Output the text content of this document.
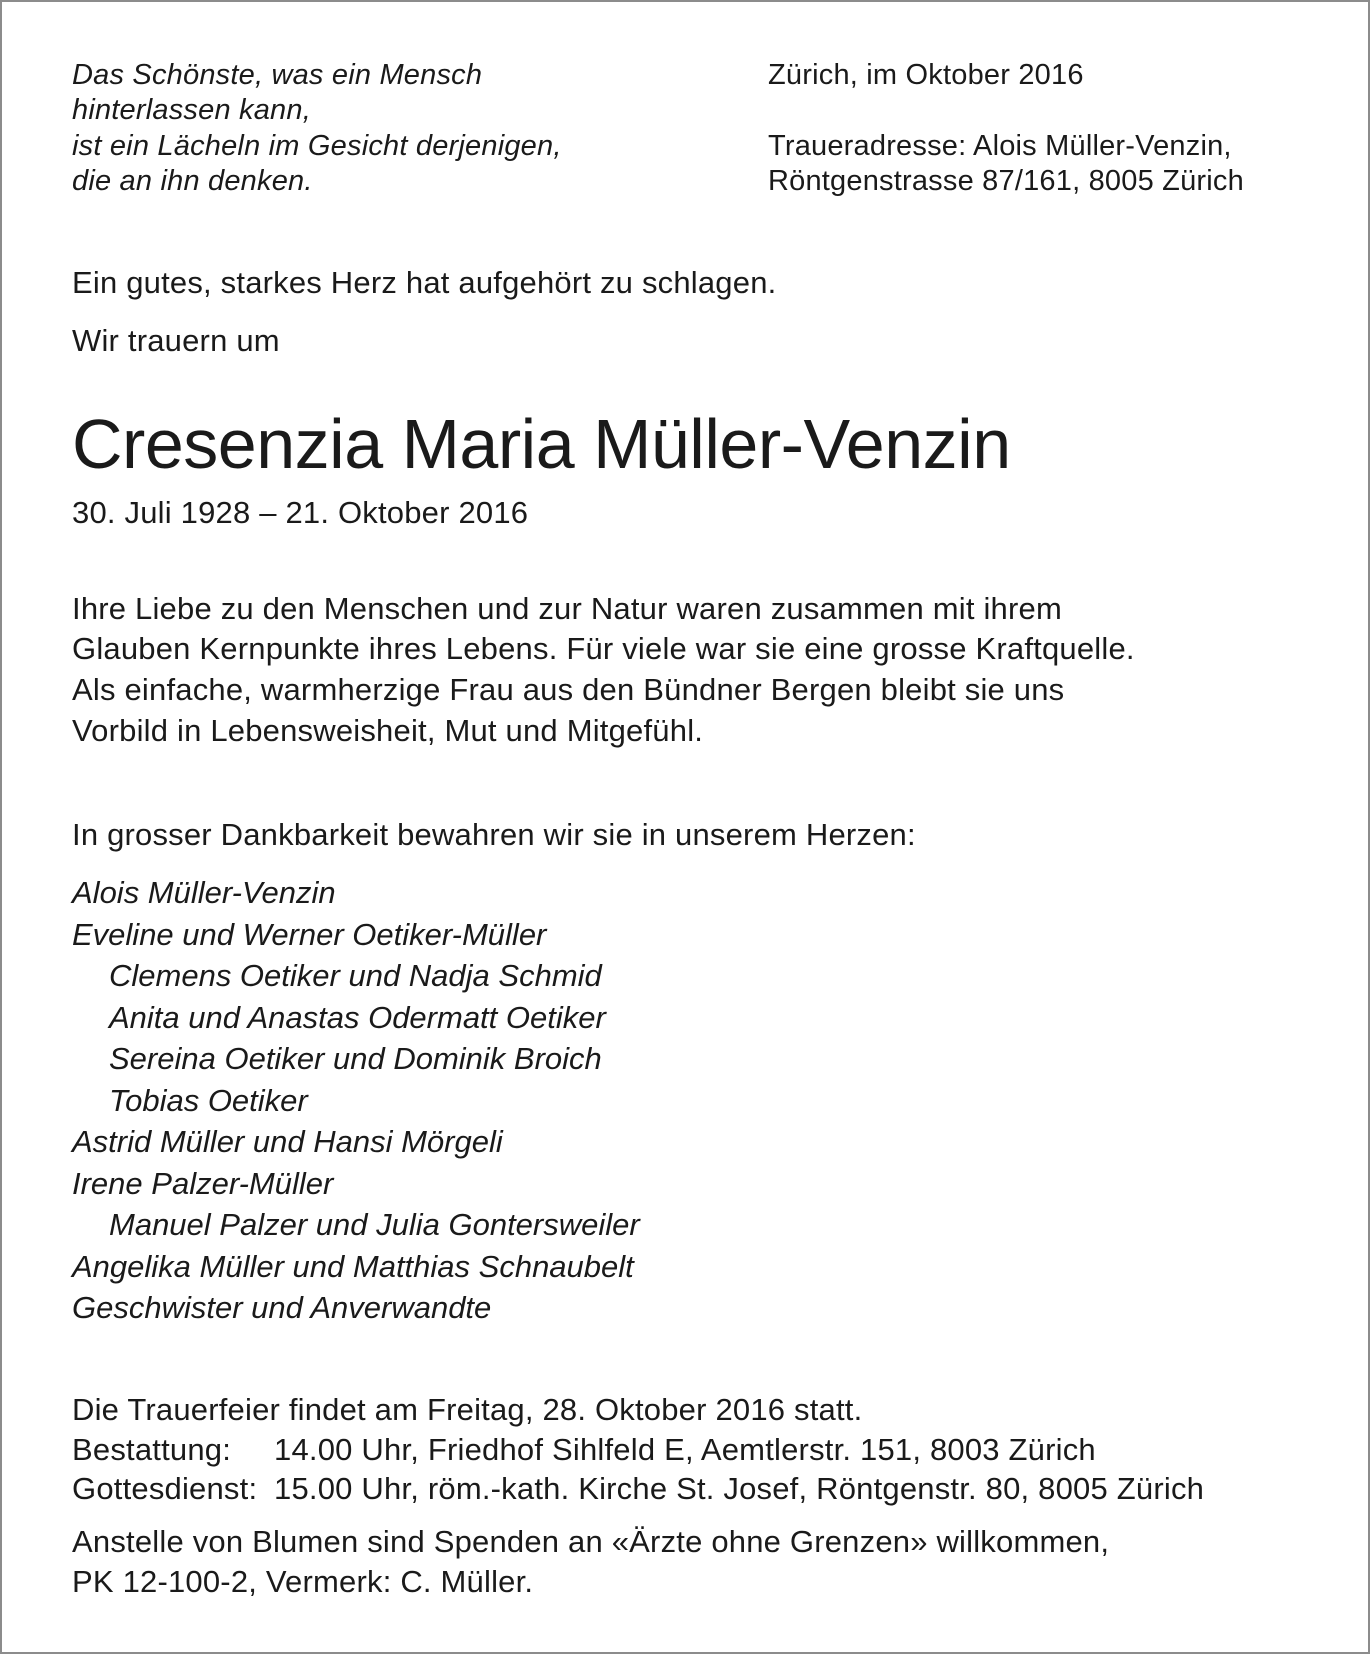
Das Schönste, was ein Mensch
hinterlassen kann,
ist ein Lächeln im Gesicht derjenigen,
die an ihn denken.
Zürich, im Oktober 2016
Traueradresse: Alois Müller-Venzin,
Röntgenstrasse 87/161, 8005 Zürich
Ein gutes, starkes Herz hat aufgehört zu schlagen.
Wir trauern um
Cresenzia Maria Müller-Venzin
30. Juli 1928 – 21. Oktober 2016
Ihre Liebe zu den Menschen und zur Natur waren zusammen mit ihrem
Glauben Kernpunkte ihres Lebens. Für viele war sie eine grosse Kraftquelle.
Als einfache, warmherzige Frau aus den Bündner Bergen bleibt sie uns
Vorbild in Lebensweisheit, Mut und Mitgefühl.
In grosser Dankbarkeit bewahren wir sie in unserem Herzen:
Alois Müller-Venzin
Eveline und Werner Oetiker-Müller
Clemens Oetiker und Nadja Schmid
Anita und Anastas Odermatt Oetiker
Sereina Oetiker und Dominik Broich
Tobias Oetiker
Astrid Müller und Hansi Mörgeli
Irene Palzer-Müller
Manuel Palzer und Julia Gontersweiler
Angelika Müller und Matthias Schnaubelt
Geschwister und Anverwandte
Die Trauerfeier findet am Freitag, 28. Oktober 2016 statt.
Bestattung: 14.00 Uhr, Friedhof Sihlfeld E, Aemtlerstr. 151, 8003 Zürich
Gottesdienst: 15.00 Uhr, röm.-kath. Kirche St. Josef, Röntgenstr. 80, 8005 Zürich
Anstelle von Blumen sind Spenden an «Ärzte ohne Grenzen» willkommen,
PK 12-100-2, Vermerk: C. Müller.
